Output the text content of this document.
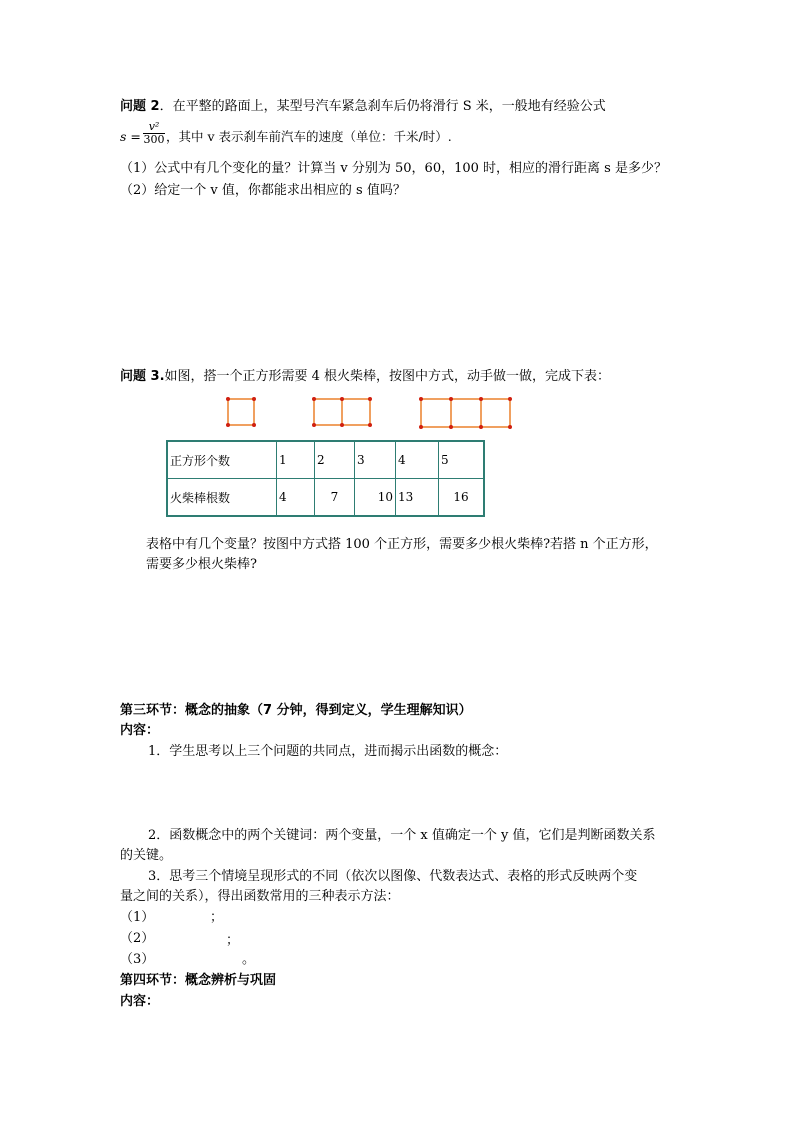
问题 2．在平整的路面上，某型号汽车紧急刹车后仍将滑行 S 米，一般地有经验公式
s =
v²
300 ，其中 v 表示刹车前汽车的速度（单位：千米/时）.
（1）公式中有几个变化的量？计算当 v 分别为 50，60，100 时，相应的滑行距离 s 是多少？
（2）给定一个 v 值，你都能求出相应的 s 值吗？
问题 3.如图，搭一个正方形需要 4 根火柴棒，按图中方式，动手做一做，完成下表：
正方形个数	1	2	3	4	5
火柴棒根数	4	7	10	13	16
表格中有几个变量？按图中方式搭 100 个正方形，需要多少根火柴棒?若搭 n 个正方形，
需要多少根火柴棒?
第三环节：概念的抽象（7 分钟，得到定义，学生理解知识）
内容：
1．学生思考以上三个问题的共同点，进而揭示出函数的概念：
2．函数概念中的两个关键词：两个变量，一个 x 值确定一个 y 值，它们是判断函数关系
的关键。
3．思考三个情境呈现形式的不同（依次以图像、代数表达式、表格的形式反映两个变
量之间的关系），得出函数常用的三种表示方法：
（1）	；
（2）	；
（3）	。
第四环节：概念辨析与巩固
内容：
